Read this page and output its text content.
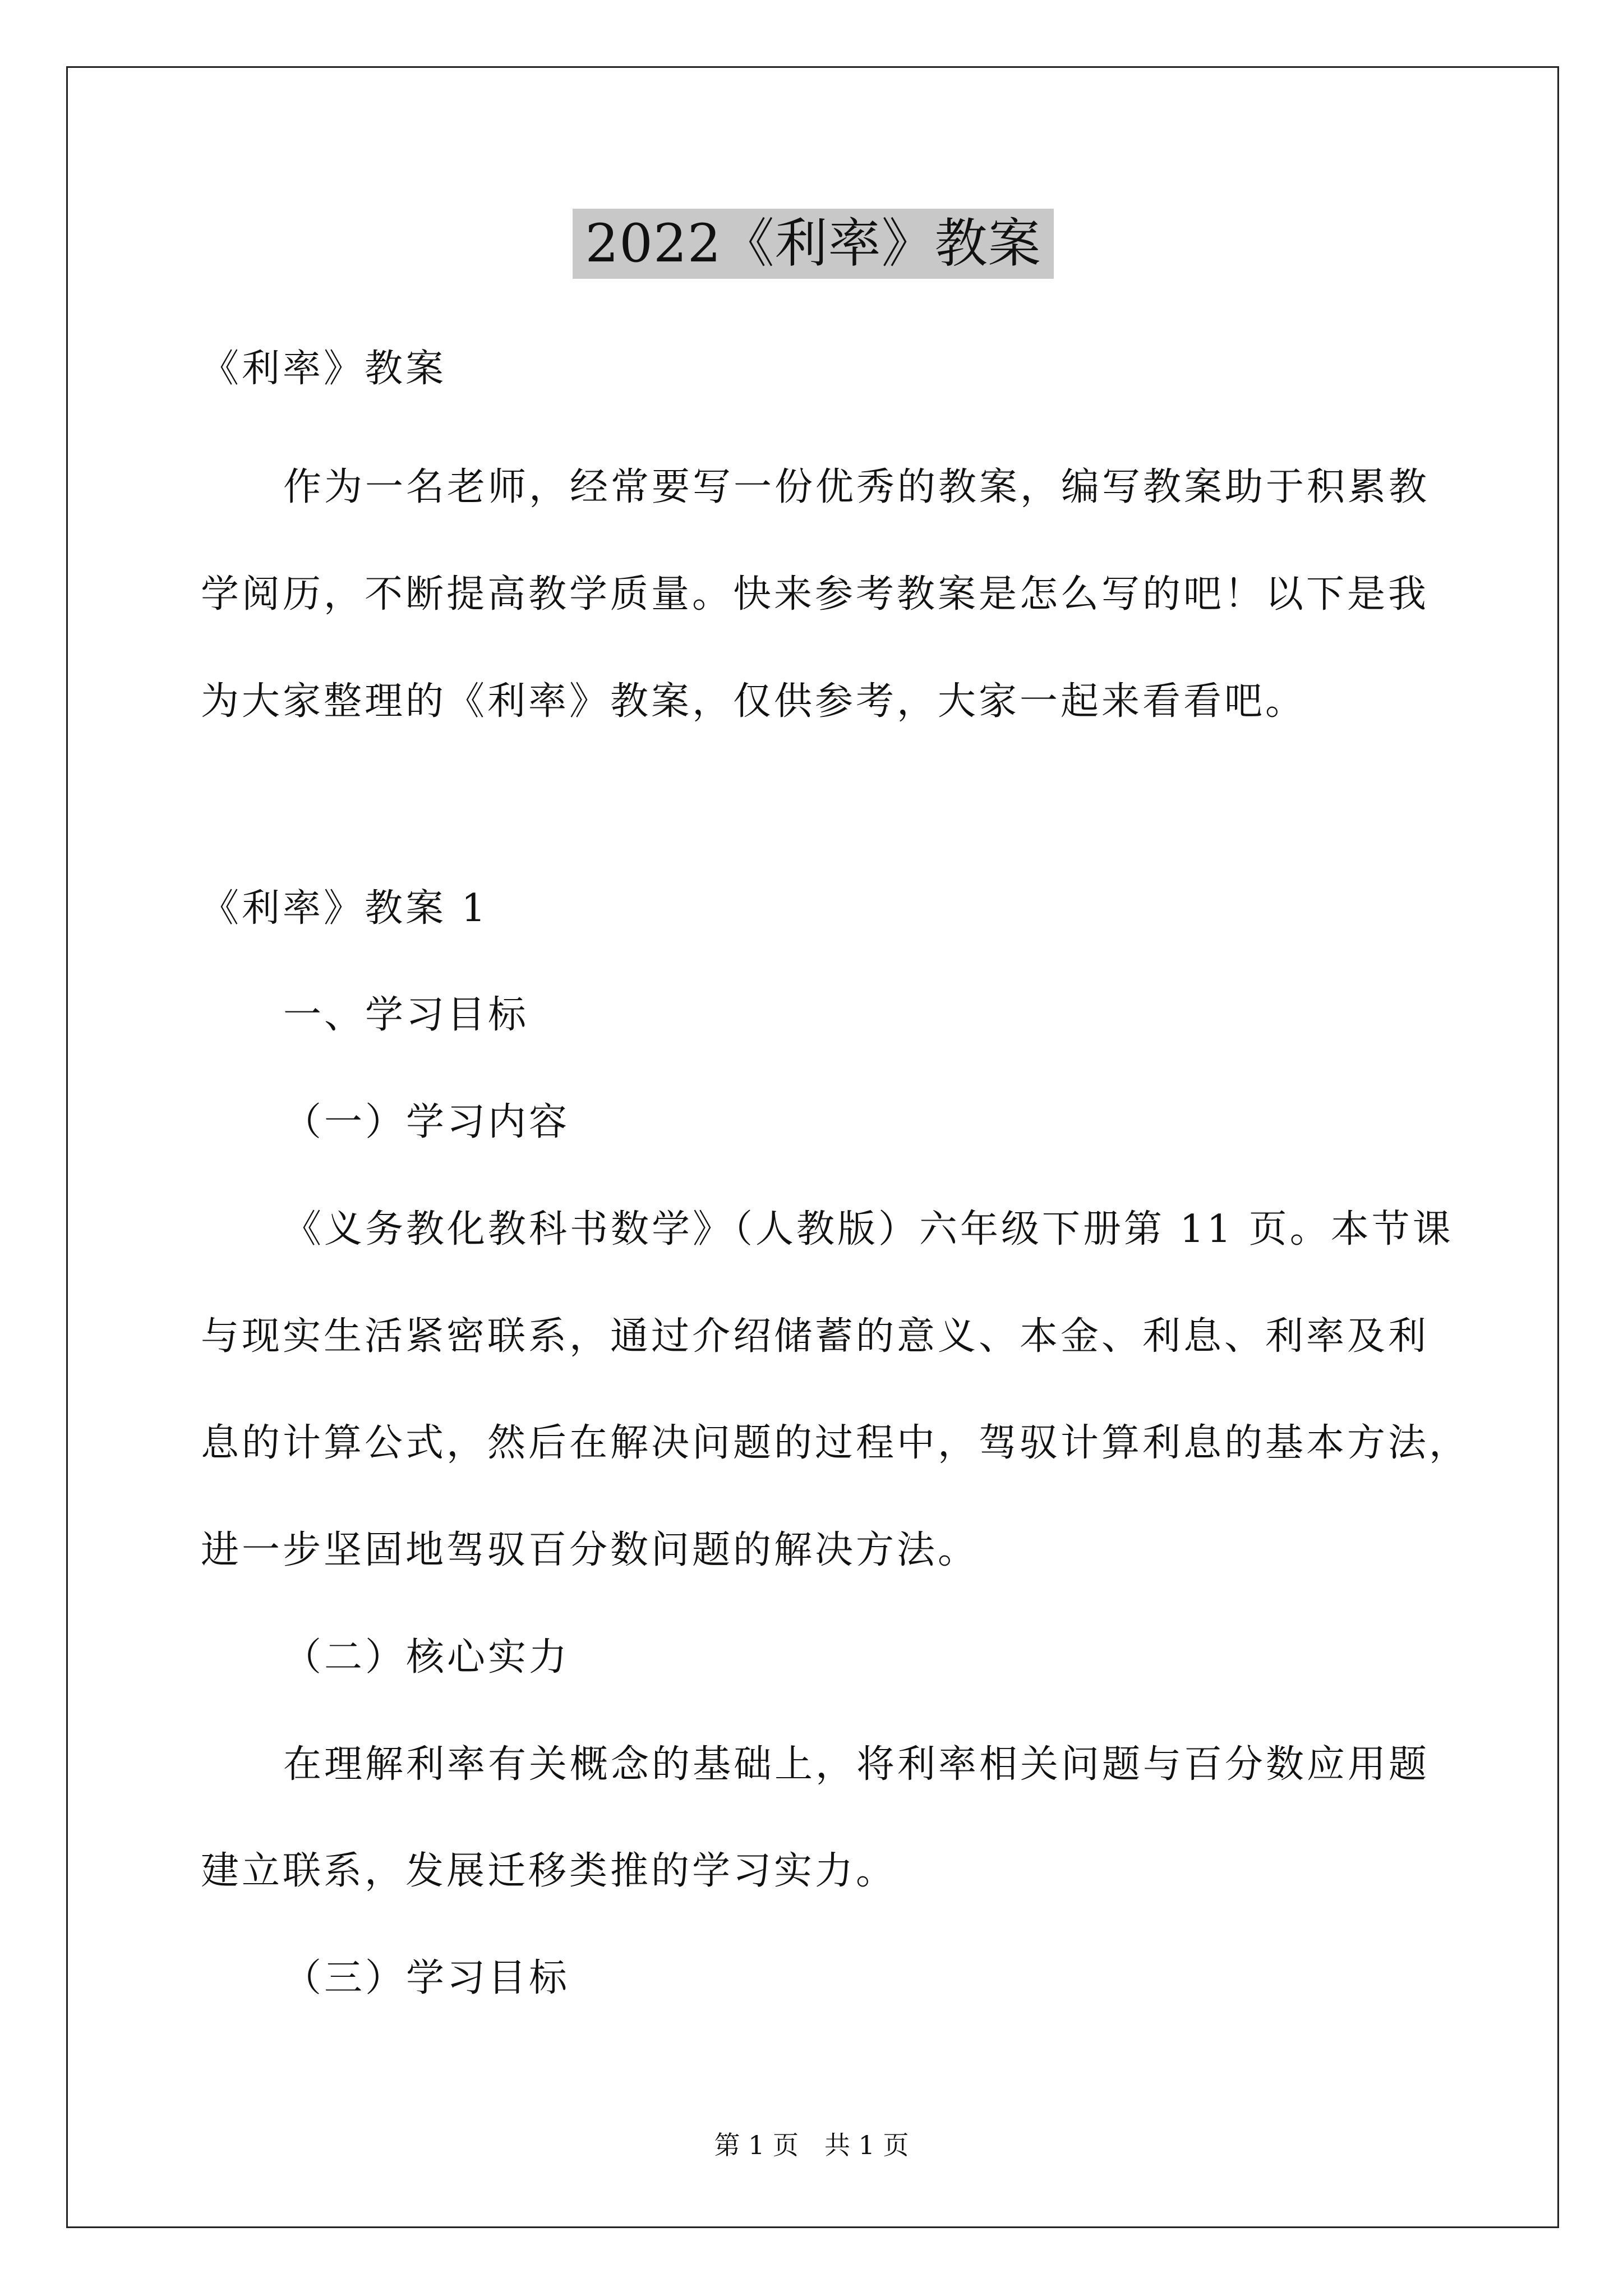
2022《利率》教案
《利率》教案
作为一名老师，经常要写一份优秀的教案，编写教案助于积累教
学阅历，不断提高教学质量。快来参考教案是怎么写的吧！以下是我
为大家整理的《利率》教案，仅供参考，大家一起来看看吧。
《利率》教案 1
一、学习目标
（一）学习内容
《义务教化教科书数学》（人教版）六年级下册第 11 页。本节课
与现实生活紧密联系，通过介绍储蓄的意义、本金、利息、利率及利
息的计算公式，然后在解决问题的过程中，驾驭计算利息的基本方法，
进一步坚固地驾驭百分数问题的解决方法。
（二）核心实力
在理解利率有关概念的基础上，将利率相关问题与百分数应用题
建立联系，发展迁移类推的学习实力。
（三）学习目标
第 1 页　共 1 页
